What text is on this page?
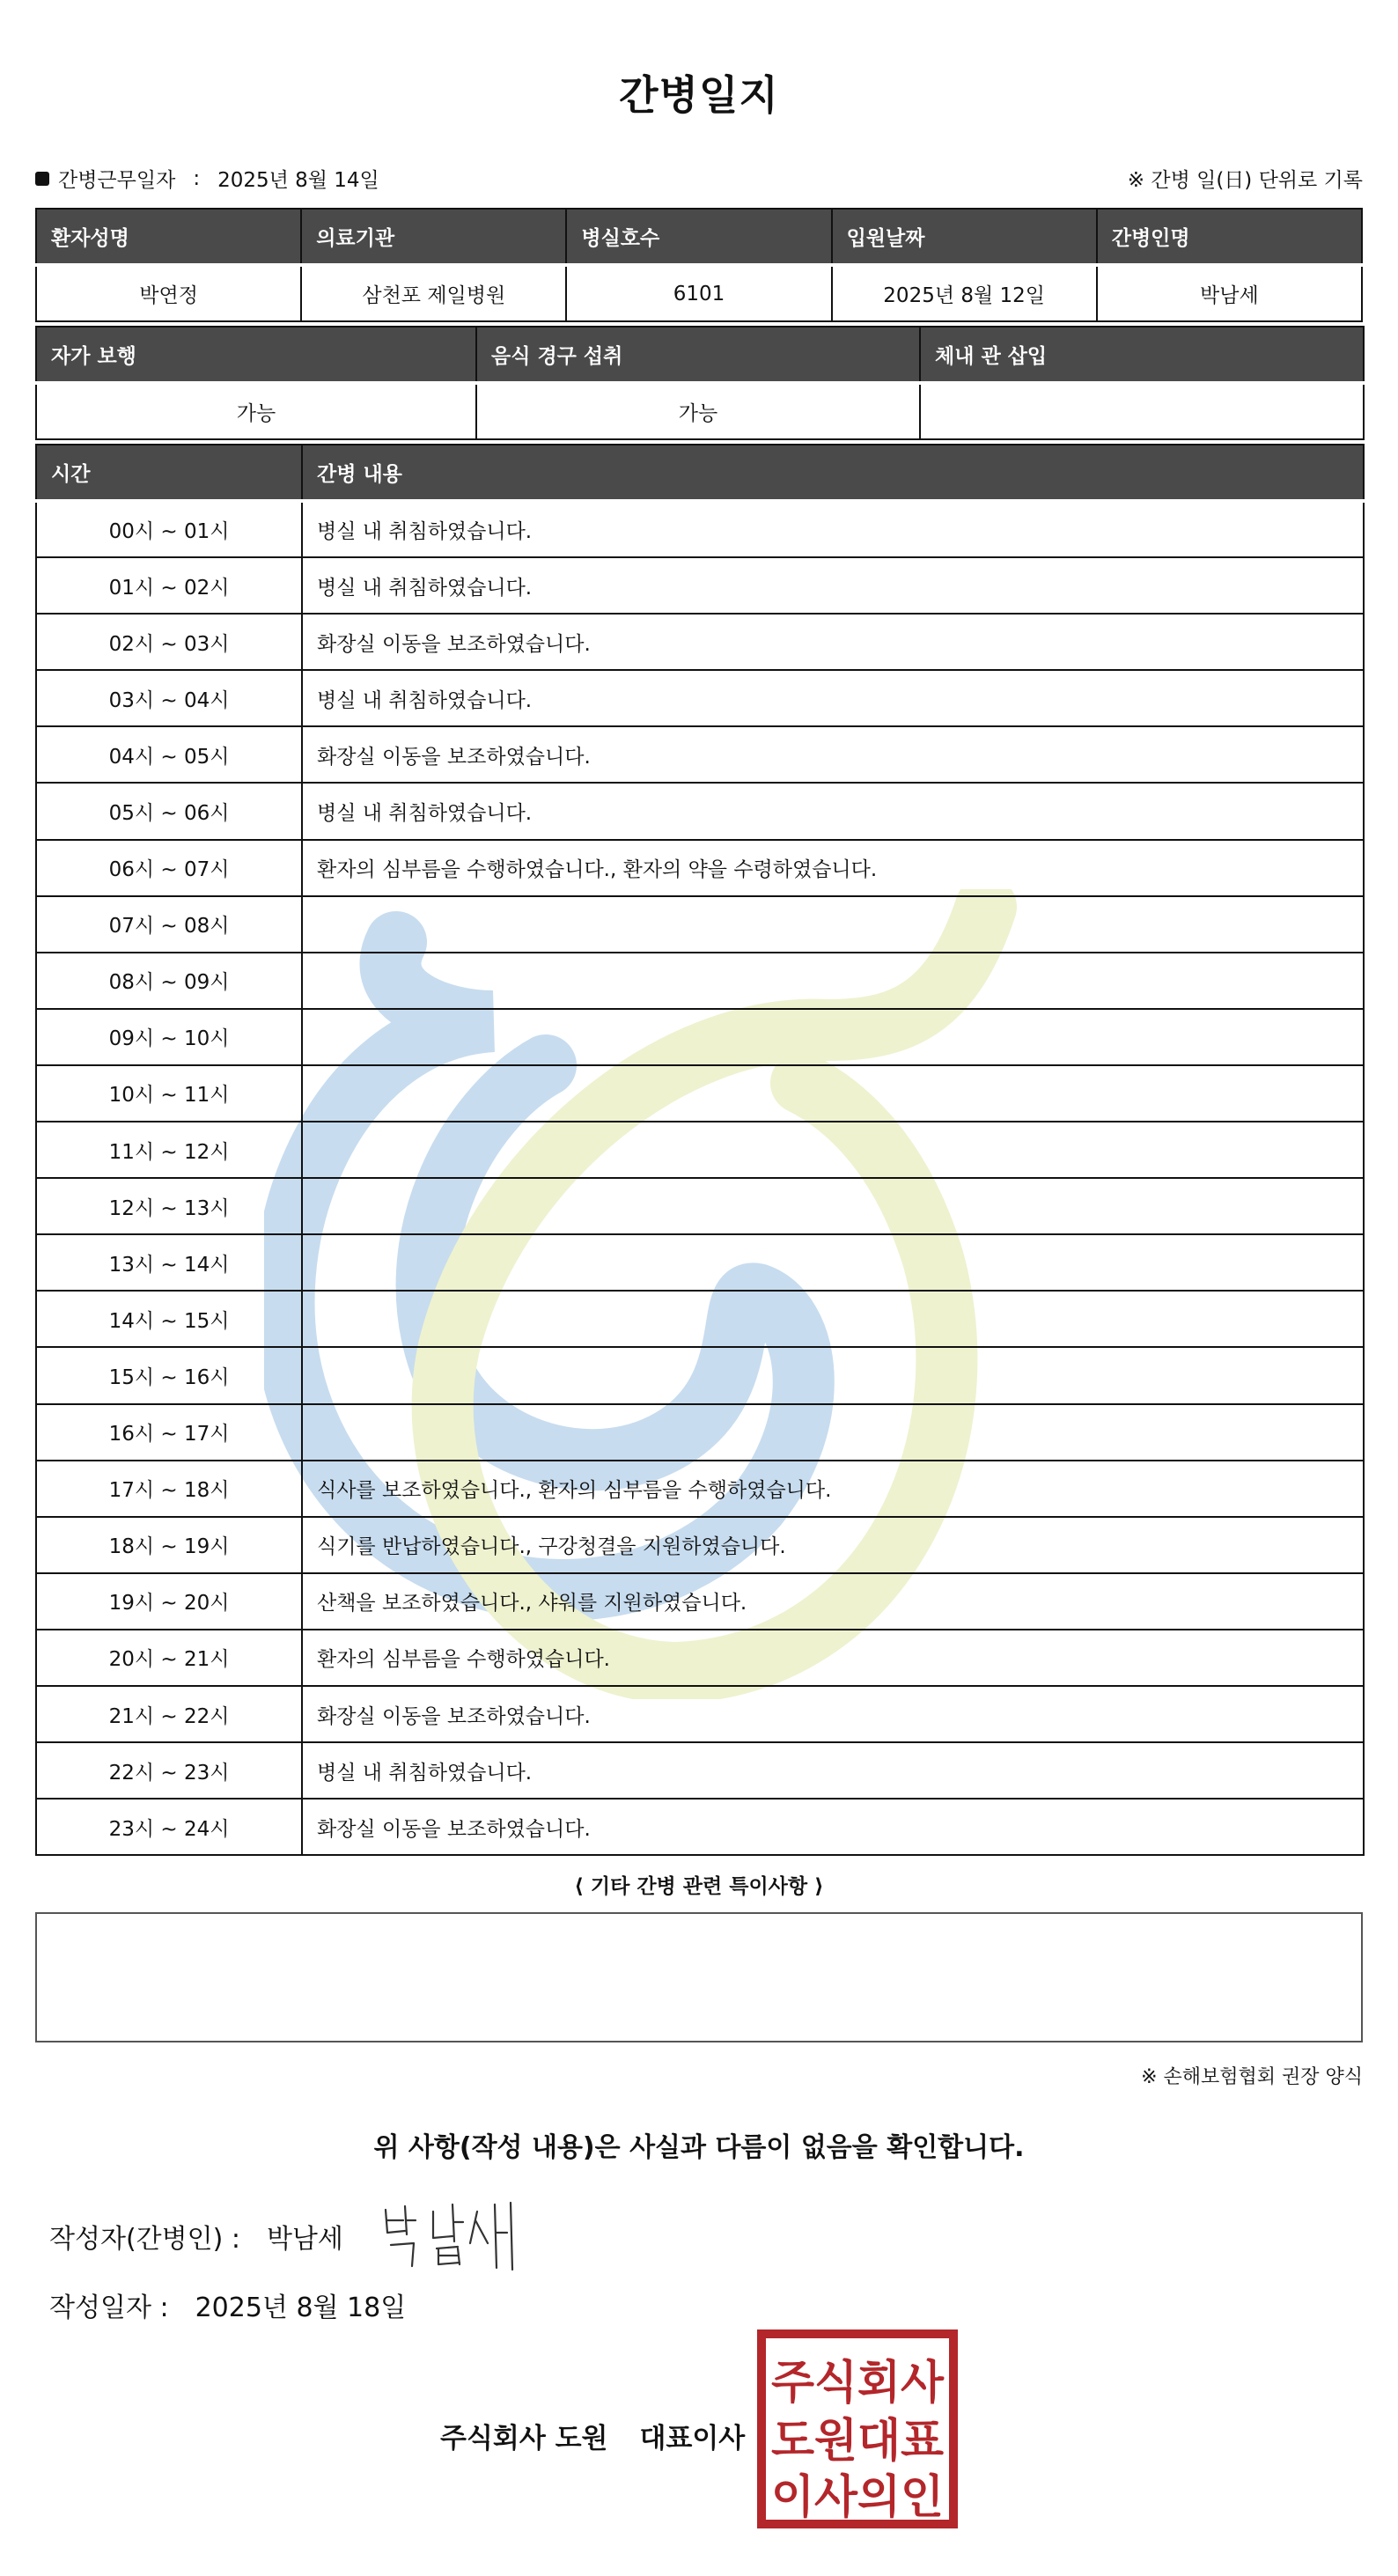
간병일지
간병근무일자 : 2025년 8월 14일	※ 간병 일(日) 단위로 기록
환자성명	의료기관	병실호수	입원날짜	간병인명
박연정	삼천포 제일병원	6101	2025년 8월 12일	박남세
자가 보행	음식 경구 섭취	체내 관 삽입
가능	가능	
시간	간병 내용
00시 ~ 01시	병실 내 취침하였습니다.
01시 ~ 02시	병실 내 취침하였습니다.
02시 ~ 03시	화장실 이동을 보조하였습니다.
03시 ~ 04시	병실 내 취침하였습니다.
04시 ~ 05시	화장실 이동을 보조하였습니다.
05시 ~ 06시	병실 내 취침하였습니다.
06시 ~ 07시	환자의 심부름을 수행하였습니다., 환자의 약을 수령하였습니다.
07시 ~ 08시	
08시 ~ 09시	
09시 ~ 10시	
10시 ~ 11시	
11시 ~ 12시	
12시 ~ 13시	
13시 ~ 14시	
14시 ~ 15시	
15시 ~ 16시	
16시 ~ 17시	
17시 ~ 18시	식사를 보조하였습니다., 환자의 심부름을 수행하였습니다.
18시 ~ 19시	식기를 반납하였습니다., 구강청결을 지원하였습니다.
19시 ~ 20시	산책을 보조하였습니다., 샤워를 지원하였습니다.
20시 ~ 21시	환자의 심부름을 수행하였습니다.
21시 ~ 22시	화장실 이동을 보조하였습니다.
22시 ~ 23시	병실 내 취침하였습니다.
23시 ~ 24시	화장실 이동을 보조하였습니다.
⟨ 기타 간병 관련 특이사항 ⟩
※ 손해보험협회 권장 양식
위 사항(작성 내용)은 사실과 다름이 없음을 확인합니다.
작성자(간병인) : 박남세
작성일자 : 2025년 8월 18일
주식회사 도원 대표이사
주식회사
도원대표
이사의인
